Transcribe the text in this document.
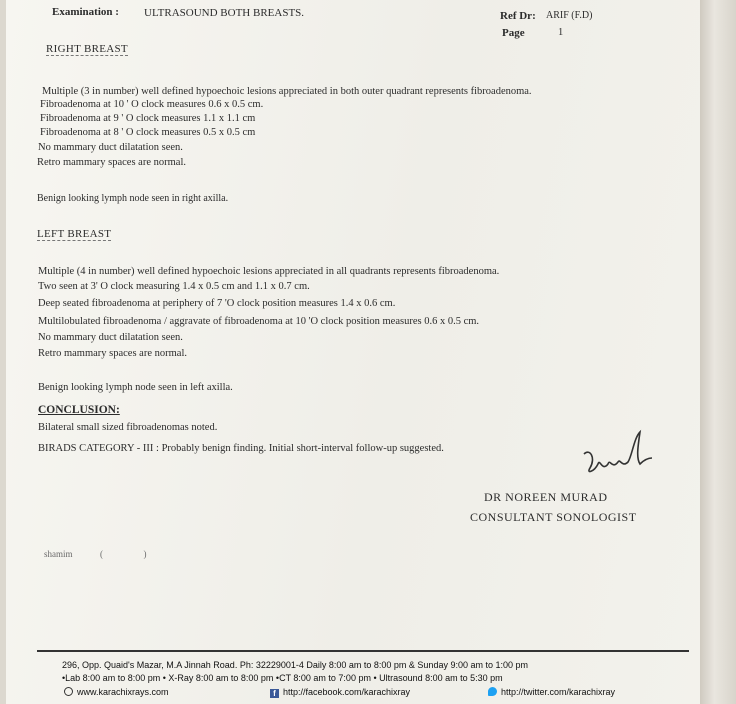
Examination : ULTRASOUND BOTH BREASTS.	Ref Dr: ARIF (F.D)
Page	1
RIGHT BREAST
Multiple (3 in number) well defined hypoechoic lesions appreciated in both outer quadrant represents fibroadenoma.
Fibroadenoma at 10 ' O clock measures 0.6 x 0.5 cm.
Fibroadenoma at 9 ' O clock measures 1.1 x 1.1 cm
Fibroadenoma at 8 ' O clock measures 0.5 x 0.5 cm
No mammary duct dilatation seen.
Retro mammary spaces are normal.
Benign looking lymph node seen in right axilla.
LEFT BREAST
Multiple (4 in number) well defined hypoechoic lesions appreciated in all quadrants represents fibroadenoma.
Two seen at 3' O clock measuring 1.4 x 0.5 cm and 1.1 x 0.7 cm.
Deep seated fibroadenoma at periphery of 7 'O clock position measures 1.4 x 0.6 cm.
Multilobulated fibroadenoma / aggravate of fibroadenoma at 10 'O clock position measures 0.6 x 0.5 cm.
No mammary duct dilatation seen.
Retro mammary spaces are normal.
Benign looking lymph node seen in left axilla.
CONCLUSION:
Bilateral small sized fibroadenomas noted.
BIRADS CATEGORY - III : Probably benign finding. Initial short-interval follow-up suggested.
DR NOREEN MURAD
CONSULTANT SONOLOGIST
shamim	(                  )
296, Opp. Quaid's Mazar, M.A Jinnah Road. Ph: 32229001-4 Daily 8:00 am to 8:00 pm & Sunday 9:00 am to 1:00 pm
•Lab 8:00 am to 8:00 pm • X-Ray 8:00 am to 8:00 pm •CT 8:00 am to 7:00 pm • Ultrasound 8:00 am to 5:30 pm
www.karachixrays.com	f http://facebook.com/karachixray	http://twitter.com/karachixray
